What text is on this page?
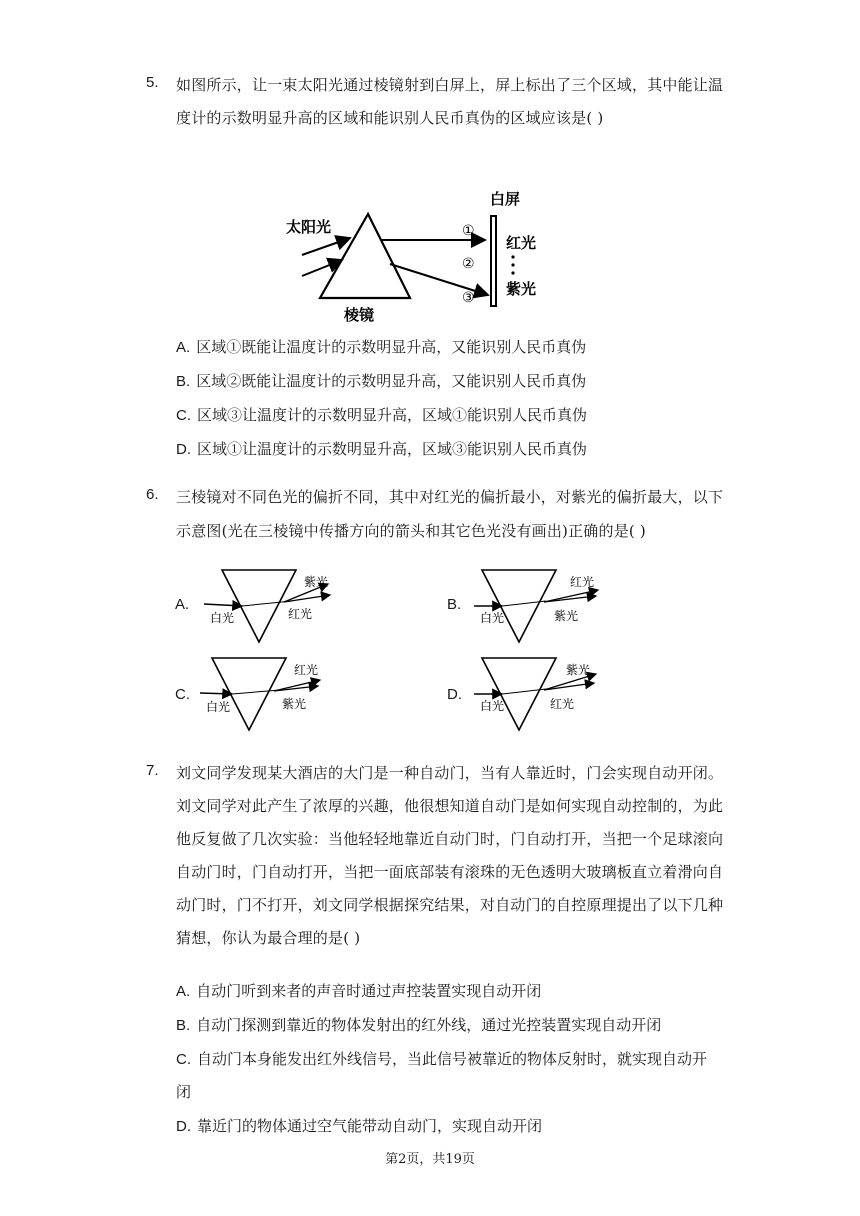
5. 如图所示，让一束太阳光通过棱镜射到白屏上，屏上标出了三个区域，其中能让温
度计的示数明显升高的区域和能识别人民币真伪的区域应该是( )
太阳光
棱镜
白屏
红光
紫光
①
②
③
A. 区域①既能让温度计的示数明显升高，又能识别人民币真伪
B. 区域②既能让温度计的示数明显升高，又能识别人民币真伪
C. 区域③让温度计的示数明显升高，区域①能识别人民币真伪
D. 区域①让温度计的示数明显升高，区域③能识别人民币真伪
6. 三棱镜对不同色光的偏折不同，其中对红光的偏折最小，对紫光的偏折最大，以下
示意图(光在三棱镜中传播方向的箭头和其它色光没有画出)正确的是( )
A.
白光
紫光
红光
B.
白光
红光
紫光
C.
白光
红光
紫光
D.
白光
紫光
红光
7. 刘文同学发现某大酒店的大门是一种自动门，当有人靠近时，门会实现自动开闭。
刘文同学对此产生了浓厚的兴趣，他很想知道自动门是如何实现自动控制的，为此
他反复做了几次实验：当他轻轻地靠近自动门时，门自动打开，当把一个足球滚向
自动门时，门自动打开，当把一面底部装有滚珠的无色透明大玻璃板直立着滑向自
动门时，门不打开，刘文同学根据探究结果，对自动门的自控原理提出了以下几种
猜想，你认为最合理的是( )
A. 自动门听到来者的声音时通过声控装置实现自动开闭
B. 自动门探测到靠近的物体发射出的红外线，通过光控装置实现自动开闭
C. 自动门本身能发出红外线信号，当此信号被靠近的物体反射时，就实现自动开
闭
D. 靠近门的物体通过空气能带动自动门，实现自动开闭
第2页，共19页
